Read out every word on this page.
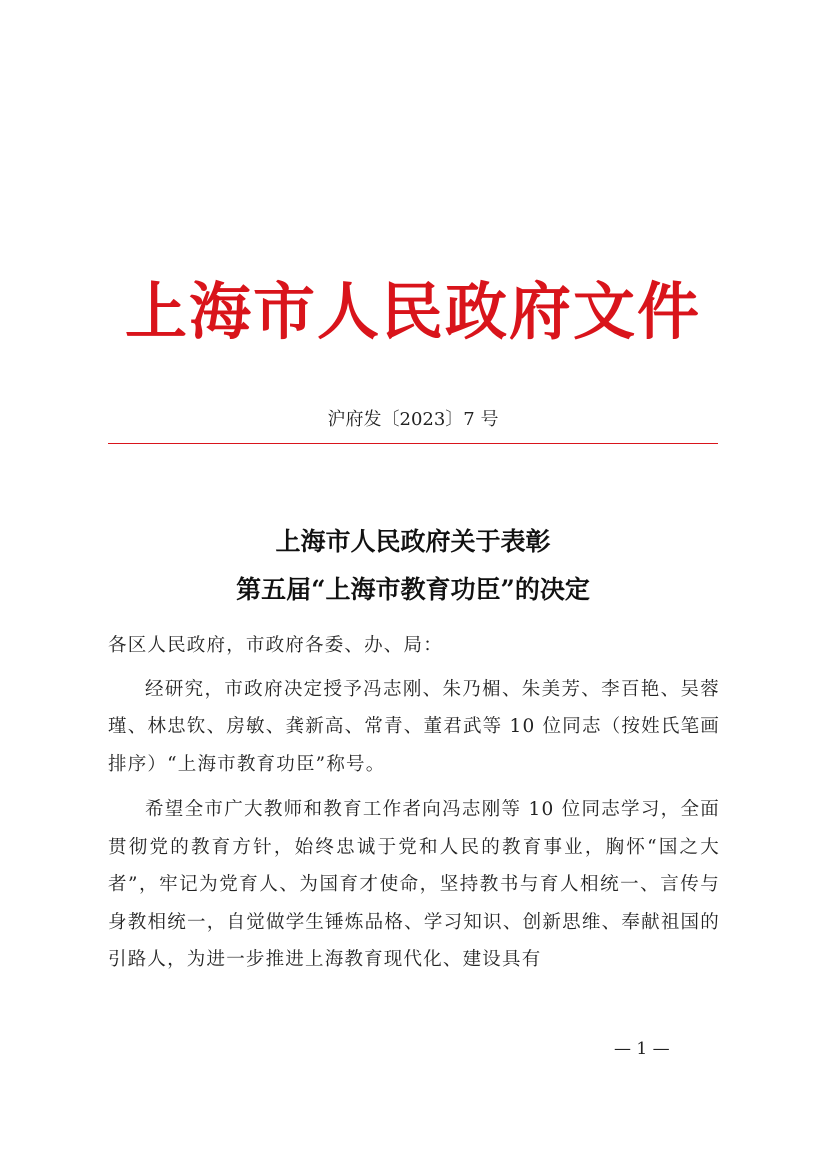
上海市人民政府文件
沪府发〔2023〕7 号
上海市人民政府关于表彰
第五届“上海市教育功臣”的决定

各区人民政府，市政府各委、办、局：

经研究，市政府决定授予冯志刚、朱乃楣、朱美芳、李百艳、吴蓉瑾、林忠钦、房敏、龚新高、常青、董君武等 10 位同志（按姓氏笔画排序）“上海市教育功臣”称号。

希望全市广大教师和教育工作者向冯志刚等 10 位同志学习，全面贯彻党的教育方针，始终忠诚于党和人民的教育事业，胸怀“国之大者”，牢记为党育人、为国育才使命，坚持教书与育人相统一、言传与身教相统一，自觉做学生锤炼品格、学习知识、创新思维、奉献祖国的引路人，为进一步推进上海教育现代化、建设具有

— 1 —
